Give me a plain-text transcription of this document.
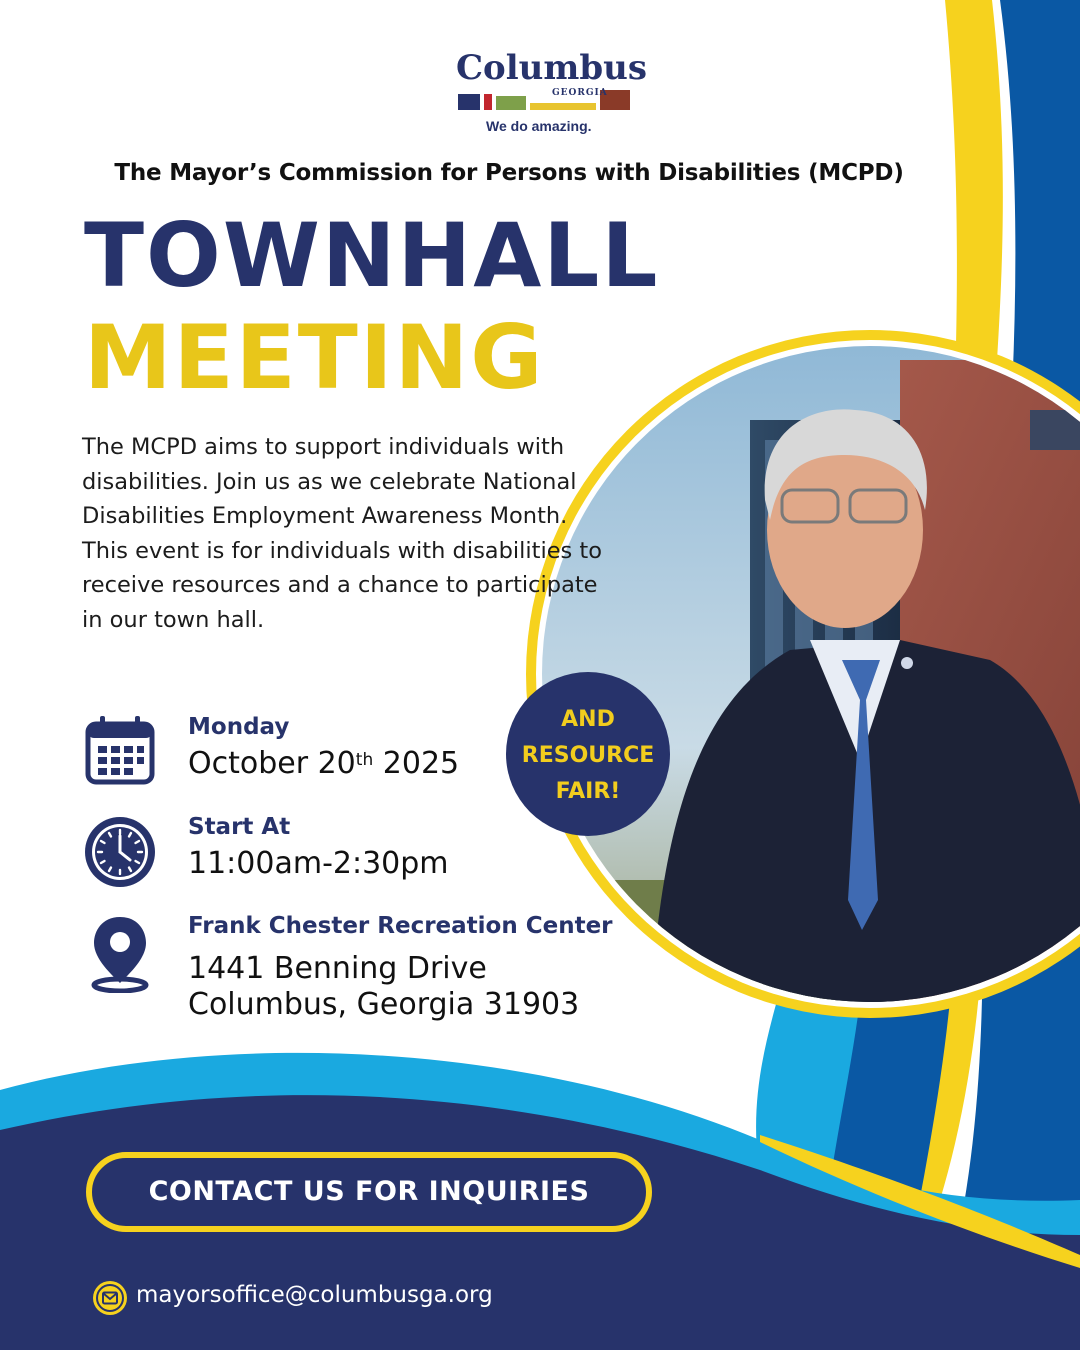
Columbus
GEORGIA
We do amazing.
The Mayor’s Commission for Persons with Disabilities (MCPD)
TOWNHALL
MEETING

The MCPD aims to support individuals with disabilities. Join us as we celebrate National Disabilities Employment Awareness Month. This event is for individuals with disabilities to receive resources and a chance to participate in our town hall.

Monday
October 20th 2025
Start At
11:00am-2:30pm
Frank Chester Recreation Center
1441 Benning Drive
Columbus, Georgia 31903
AND
RESOURCE
FAIR!
CONTACT US FOR INQUIRIES
mayorsoffice@columbusga.org
